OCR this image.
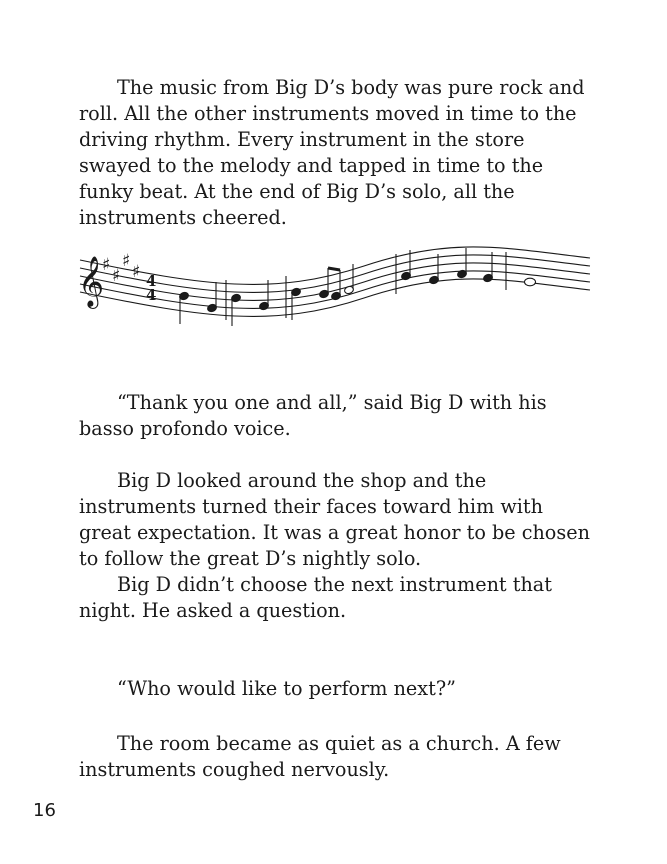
The music from Big D’s body was pure rock and roll. All the other instruments moved in time to the driving rhythm. Every instrument in the store swayed to the melody and tapped in time to the funky beat. At the end of Big D’s solo, all the instruments cheered.

𝄞
♯
♯
♯
♯ 4
4

“Thank you one and all,” said Big D with his basso profondo voice.

Big D looked around the shop and the instruments turned their faces toward him with great expectation. It was a great honor to be chosen to follow the great D’s nightly solo.

Big D didn’t choose the next instrument that night. He asked a question.

“Who would like to perform next?”

The room became as quiet as a church. A few instruments coughed nervously.

16
